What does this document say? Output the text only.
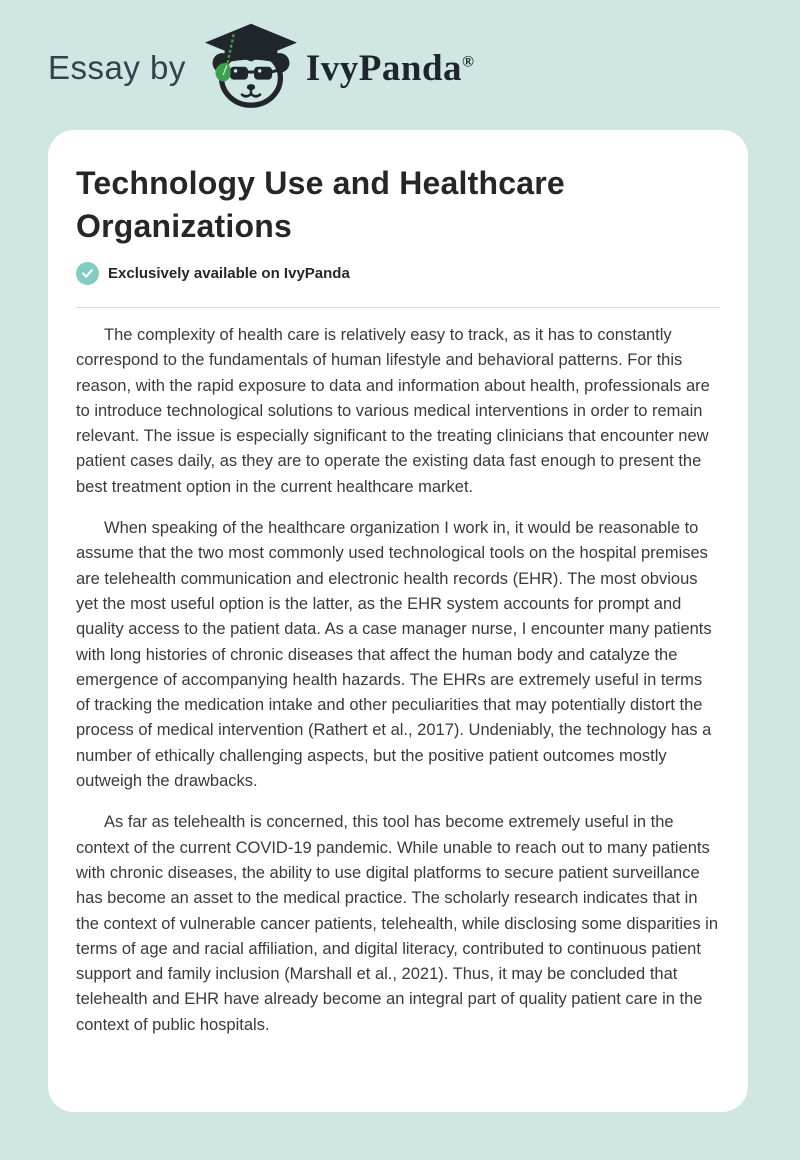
Essay by	IvyPanda®
Technology Use and Healthcare Organizations
Exclusively available on IvyPanda

The complexity of health care is relatively easy to track, as it has to constantly correspond to the fundamentals of human lifestyle and behavioral patterns. For this reason, with the rapid exposure to data and information about health, professionals are to introduce technological solutions to various medical interventions in order to remain relevant. The issue is especially significant to the treating clinicians that encounter new patient cases daily, as they are to operate the existing data fast enough to present the best treatment option in the current healthcare market.

When speaking of the healthcare organization I work in, it would be reasonable to assume that the two most commonly used technological tools on the hospital premises are telehealth communication and electronic health records (EHR). The most obvious yet the most useful option is the latter, as the EHR system accounts for prompt and quality access to the patient data. As a case manager nurse, I encounter many patients with long histories of chronic diseases that affect the human body and catalyze the emergence of accompanying health hazards. The EHRs are extremely useful in terms of tracking the medication intake and other peculiarities that may potentially distort the process of medical intervention (Rathert et al., 2017). Undeniably, the technology has a number of ethically challenging aspects, but the positive patient outcomes mostly outweigh the drawbacks.

As far as telehealth is concerned, this tool has become extremely useful in the context of the current COVID-19 pandemic. While unable to reach out to many patients with chronic diseases, the ability to use digital platforms to secure patient surveillance has become an asset to the medical practice. The scholarly research indicates that in the context of vulnerable cancer patients, telehealth, while disclosing some disparities in terms of age and racial affiliation, and digital literacy, contributed to continuous patient support and family inclusion (Marshall et al., 2021). Thus, it may be concluded that telehealth and EHR have already become an integral part of quality patient care in the context of public hospitals.
